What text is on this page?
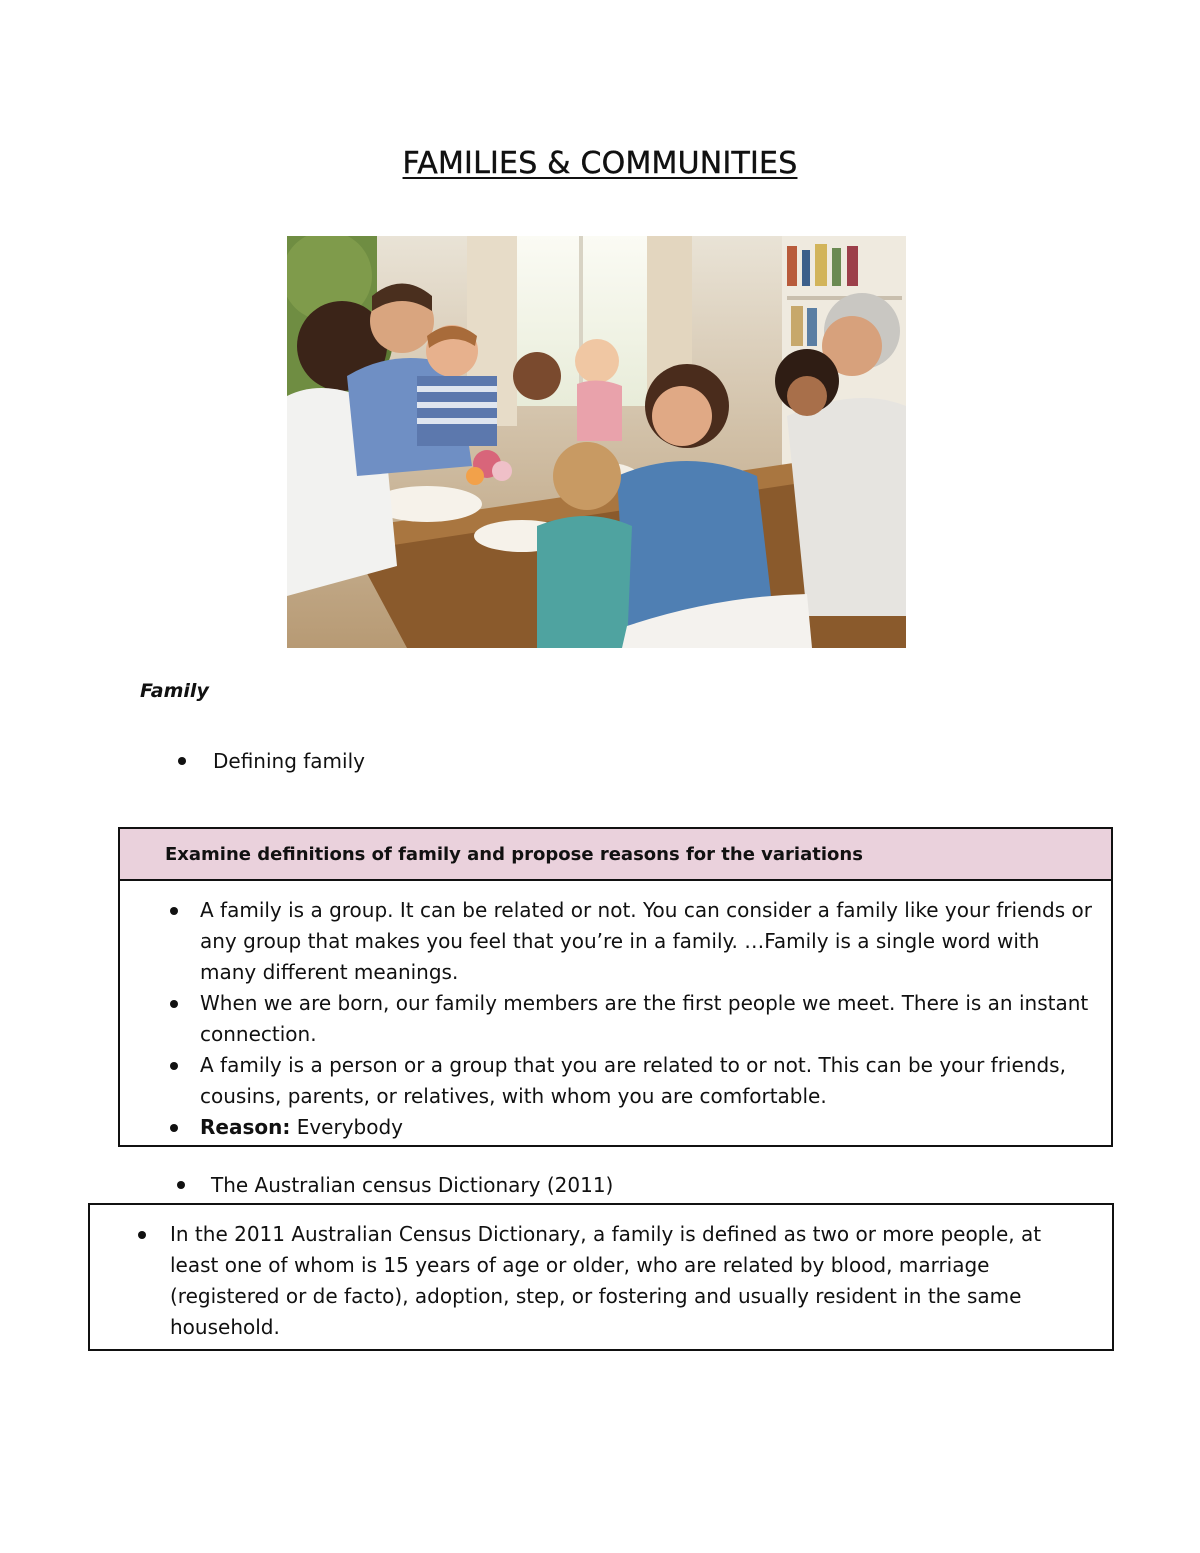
FAMILIES & COMMUNITIES
Family
Defining family
Examine definitions of family and propose reasons for the variations
A family is a group. It can be related or not. You can consider a family like your friends or any group that makes you feel that you’re in a family. …Family is a single word with many different meanings.
When we are born, our family members are the first people we meet. There is an instant connection.
A family is a person or a group that you are related to or not. This can be your friends, cousins, parents, or relatives, with whom you are comfortable.
Reason: Everybody
The Australian census Dictionary (2011)
In the 2011 Australian Census Dictionary, a family is defined as two or more people, at least one of whom is 15 years of age or older, who are related by blood, marriage (registered or de facto), adoption, step, or fostering and usually resident in the same household.
